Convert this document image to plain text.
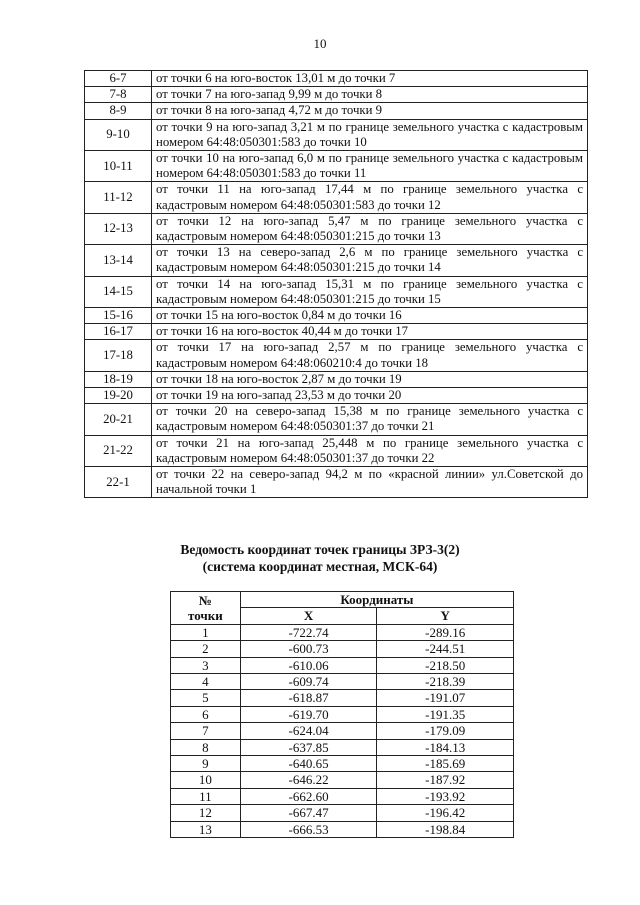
10
6-7	от точки 6 на юго-восток 13,01 м до точки 7
7-8	от точки 7 на юго-запад 9,99 м до точки 8
8-9	от точки 8 на юго-запад 4,72 м до точки 9
9-10	от точки 9 на юго-запад 3,21 м по границе земельного участка с кадастровым номером 64:48:050301:583 до точки 10
10-11	от точки 10 на юго-запад 6,0 м по границе земельного участка с кадастровым номером 64:48:050301:583 до точки 11
11-12	от точки 11 на юго-запад 17,44 м по границе земельного участка с кадастровым номером 64:48:050301:583 до точки 12
12-13	от точки 12 на юго-запад 5,47 м по границе земельного участка с кадастровым номером 64:48:050301:215 до точки 13
13-14	от точки 13 на северо-запад 2,6 м по границе земельного участка с кадастровым номером 64:48:050301:215 до точки 14
14-15	от точки 14 на юго-запад 15,31 м по границе земельного участка с кадастровым номером 64:48:050301:215 до точки 15
15-16	от точки 15 на юго-восток 0,84 м до точки 16
16-17	от точки 16 на юго-восток 40,44 м до точки 17
17-18	от точки 17 на юго-запад 2,57 м по границе земельного участка с кадастровым номером 64:48:060210:4 до точки 18
18-19	от точки 18 на юго-восток 2,87 м до точки 19
19-20	от точки 19 на юго-запад 23,53 м до точки 20
20-21	от точки 20 на северо-запад 15,38 м по границе земельного участка с кадастровым номером 64:48:050301:37 до точки 21
21-22	от точки 21 на юго-запад 25,448 м по границе земельного участка с кадастровым номером 64:48:050301:37 до точки 22
22-1	от точки 22 на северо-запад 94,2 м по «красной линии» ул.Советской до начальной точки 1
Ведомость координат точек границы ЗРЗ-3(2)
(система координат местная, МСК-64)
№
точки	Координаты	
	X	Y
1	-722.74	-289.16
2	-600.73	-244.51
3	-610.06	-218.50
4	-609.74	-218.39
5	-618.87	-191.07
6	-619.70	-191.35
7	-624.04	-179.09
8	-637.85	-184.13
9	-640.65	-185.69
10	-646.22	-187.92
11	-662.60	-193.92
12	-667.47	-196.42
13	-666.53	-198.84
